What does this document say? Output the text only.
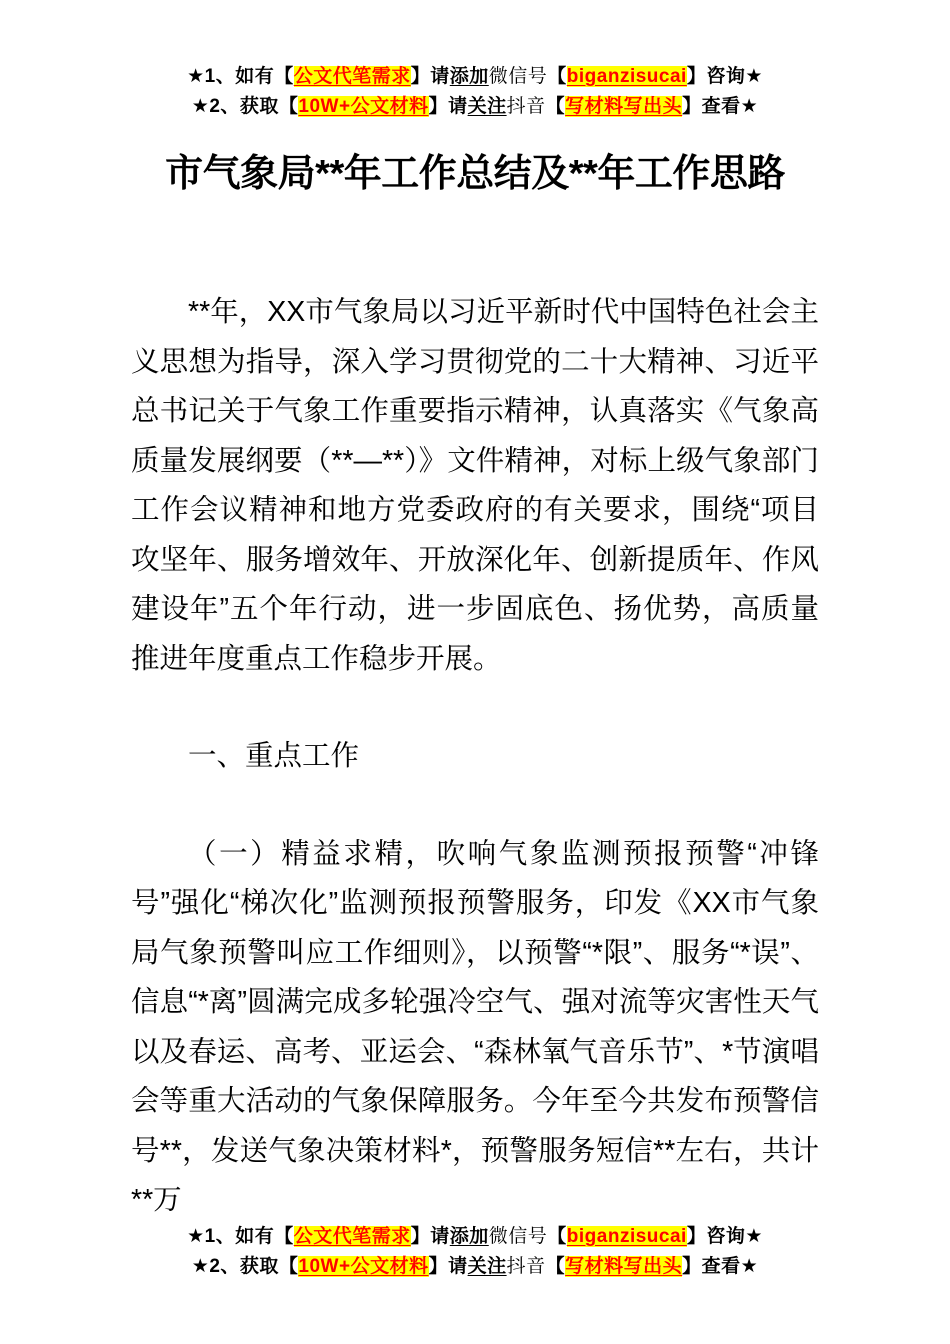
★1、如有【公文代笔需求】请添加微信号【biganzisucai】咨询★
★2、获取【10W+公文材料】请关注抖音【写材料写出头】查看★
市气象局**年工作总结及**年工作思路

**年，XX市气象局以习近平新时代中国特色社会主义思想为指导，深入学习贯彻党的二十大精神、习近平总书记关于气象工作重要指示精神，认真落实《气象高质量发展纲要（**—**）》文件精神，对标上级气象部门工作会议精神和地方党委政府的有关要求，围绕“项目攻坚年、服务增效年、开放深化年、创新提质年、作风建设年”五个年行动，进一步固底色、扬优势，高质量推进年度重点工作稳步开展。

一、重点工作

（一）精益求精，吹响气象监测预报预警“冲锋号”强化“梯次化”监测预报预警服务，印发《XX市气象局气象预警叫应工作细则》，以预警“*限”、服务“*误”、信息“*离”圆满完成多轮强冷空气、强对流等灾害性天气以及春运、高考、亚运会、“森林氧气音乐节”、*节演唱会等重大活动的气象保障服务。今年至今共发布预警信号**，发送气象决策材料*，预警服务短信**左右，共计**万

★1、如有【公文代笔需求】请添加微信号【biganzisucai】咨询★
★2、获取【10W+公文材料】请关注抖音【写材料写出头】查看★
